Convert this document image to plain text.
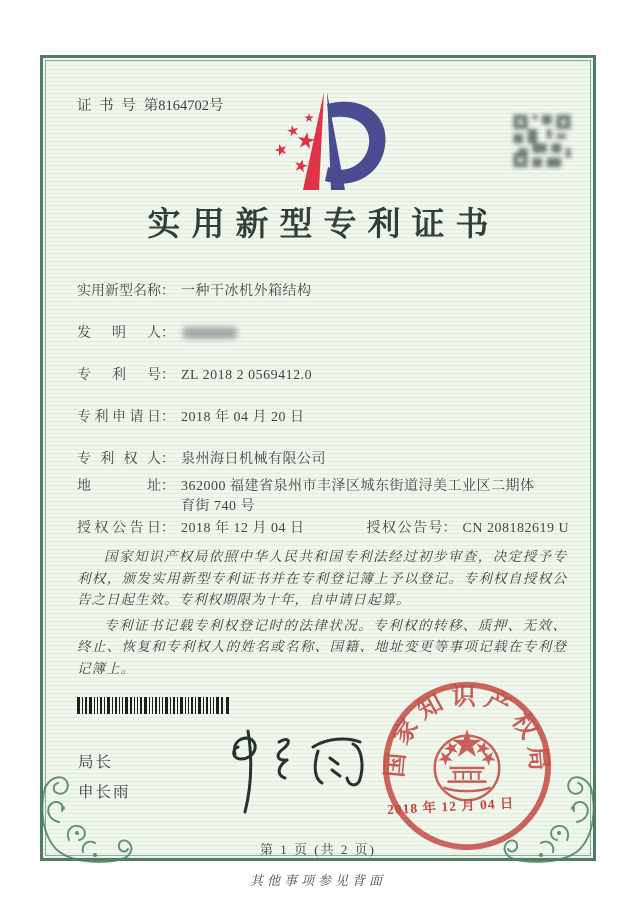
证 书 号 第8164702号
实用新型专利证书
实用新型名称 ： 一种干冰机外箱结构
发明人 ：
专利号 ： ZL 2018 2 0569412.0
专利申请日 ： 2018 年 04 月 20 日
专利权人 ： 泉州海日机械有限公司
地址 ： 362000 福建省泉州市丰泽区城东街道浔美工业区二期体育街 740 号
授权公告日 ： 2018 年 12 月 04 日	授权公告号 ： CN 208182619 U

国家知识产权局依照中华人民共和国专利法经过初步审查，决定授予专利权，颁发实用新型专利证书并在专利登记簿上予以登记。专利权自授权公告之日起生效。专利权期限为十年，自申请日起算。

专利证书记载专利权登记时的法律状况。专利权的转移、质押、无效、终止、恢复和专利权人的姓名或名称、国籍、地址变更等事项记载在专利登记簿上。

局长
申长雨
国家知识产权局
2018 年 12 月 04 日
第 1 页 (共 2 页)
其他事项参见背面
